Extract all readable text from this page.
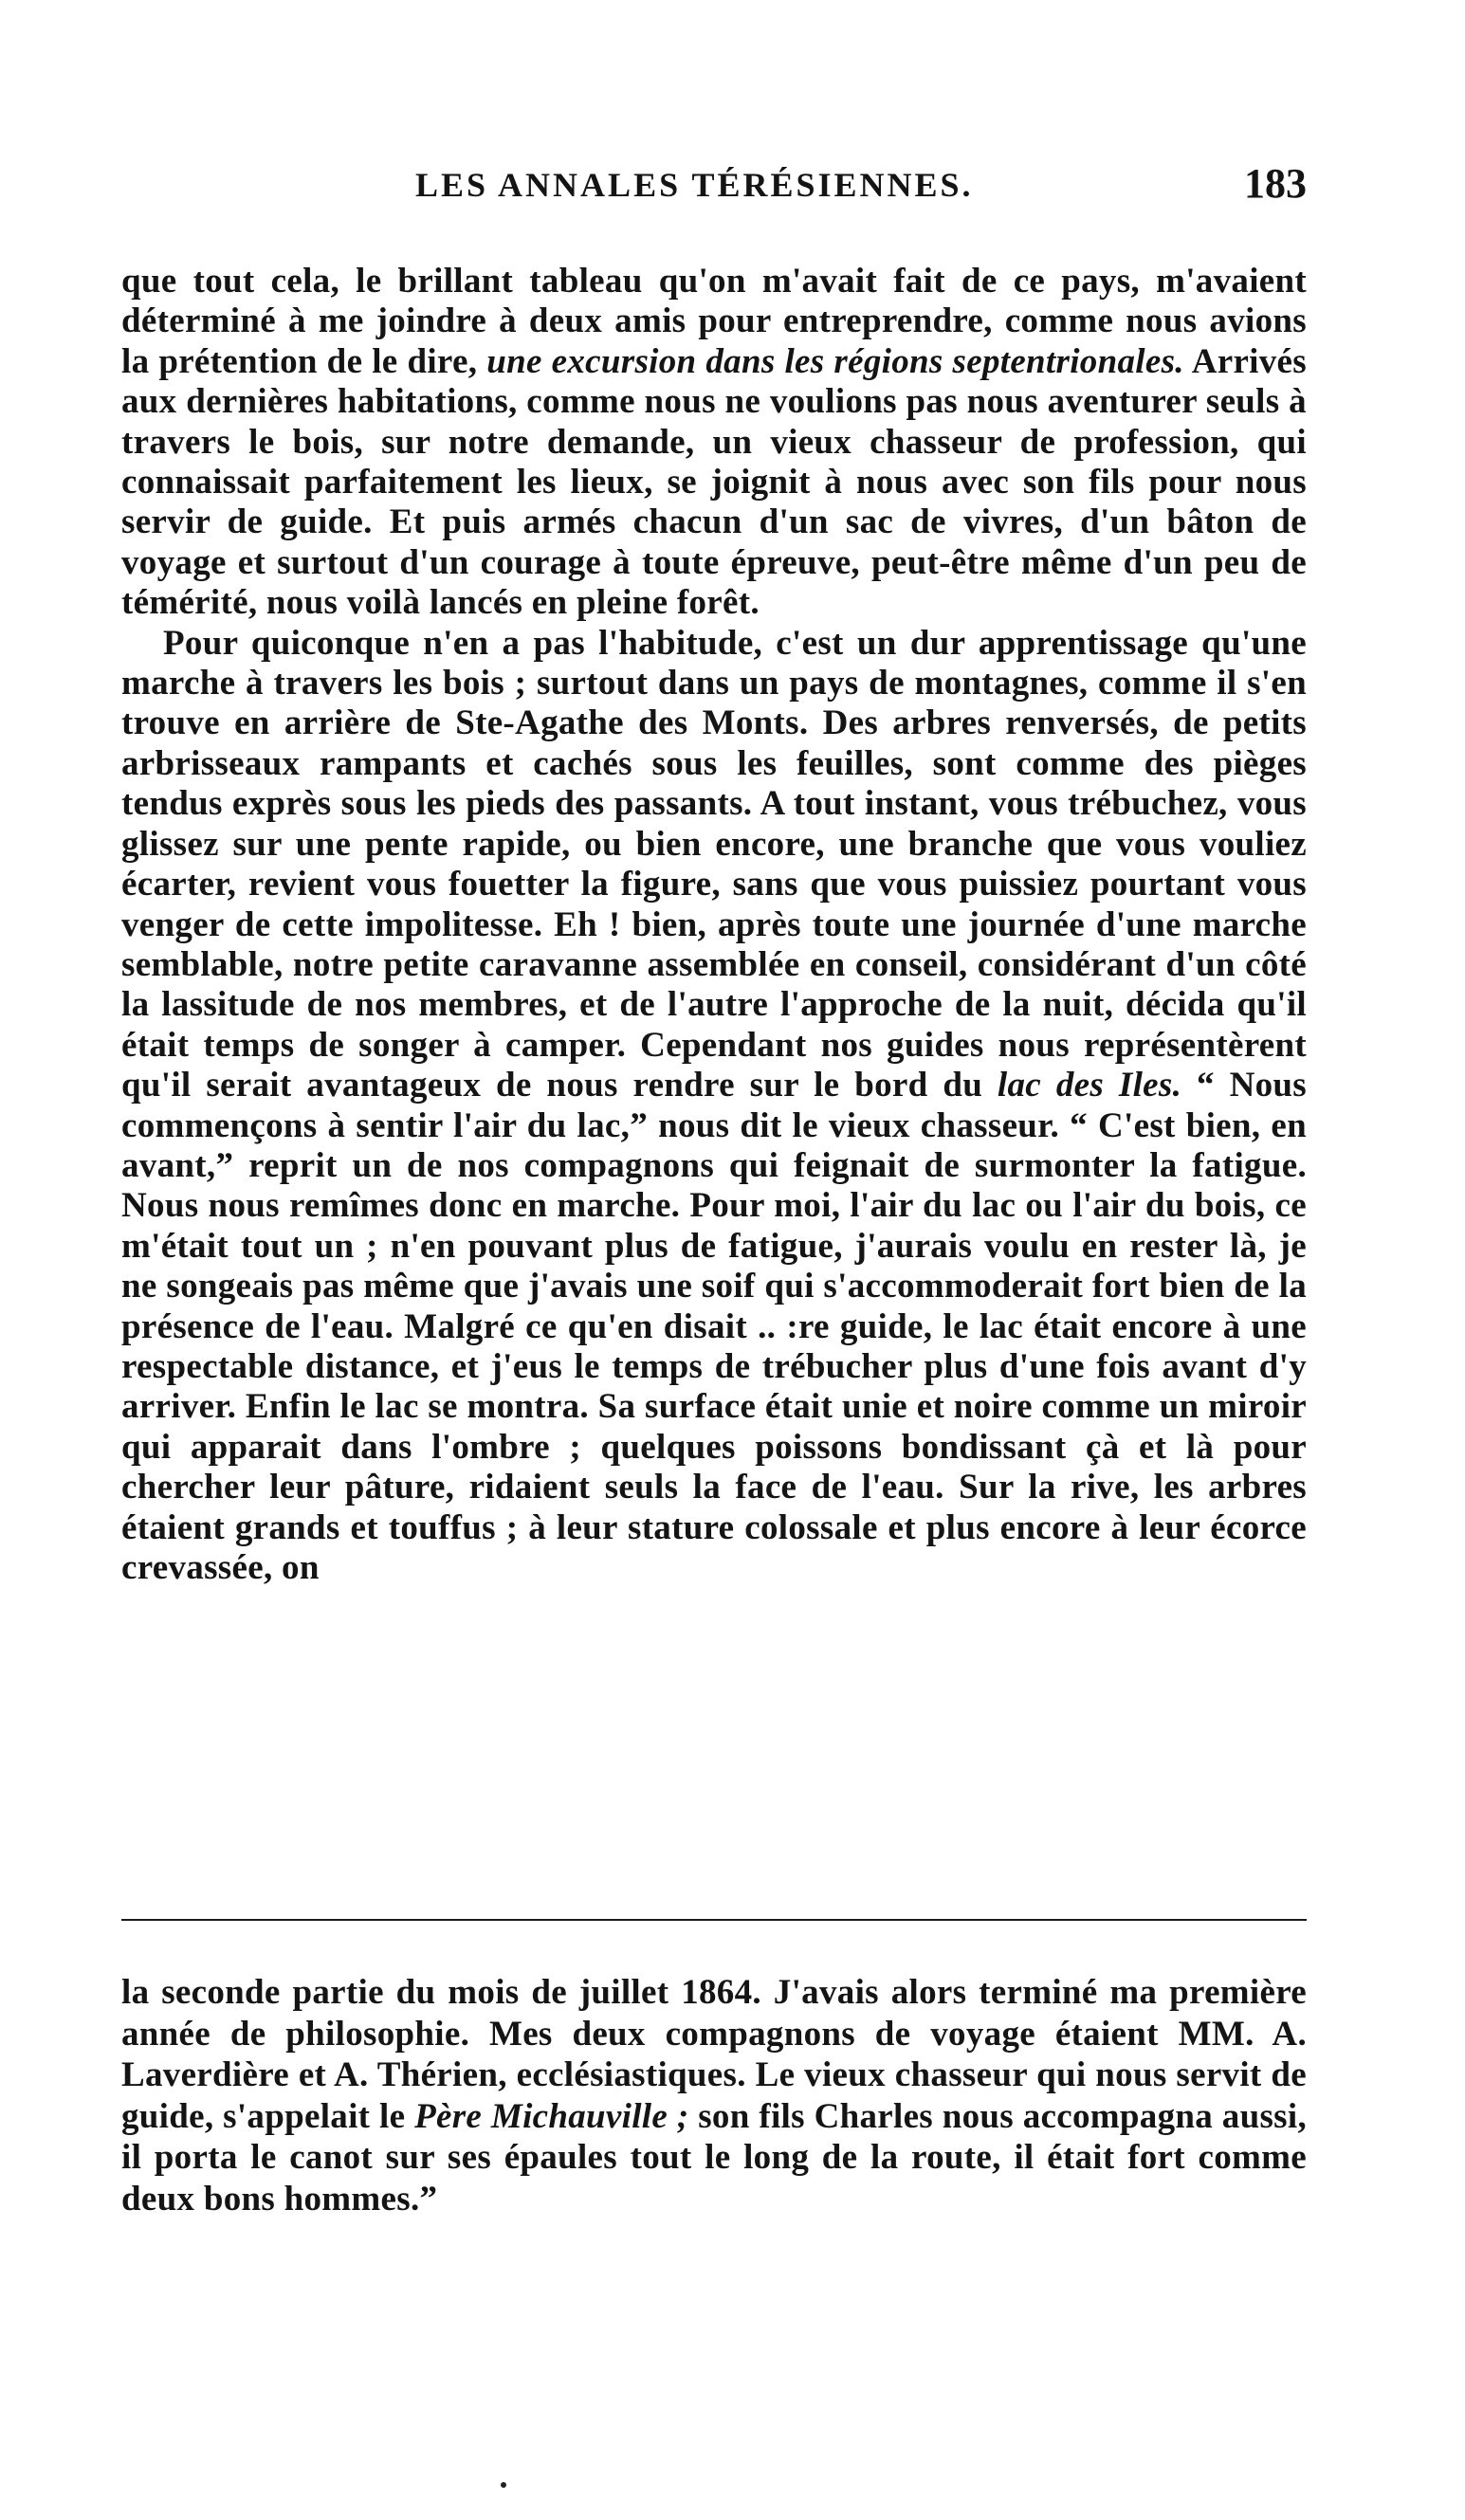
LES ANNALES TÉRÉSIENNES.	183

que tout cela, le brillant tableau qu'on m'avait fait de ce pays, m'avaient déterminé à me joindre à deux amis pour entreprendre, comme nous avions la prétention de le dire, une excursion dans les régions septentrionales. Arrivés aux dernières habitations, comme nous ne voulions pas nous aventurer seuls à travers le bois, sur notre demande, un vieux chasseur de profession, qui connaissait parfaitement les lieux, se joignit à nous avec son fils pour nous servir de guide. Et puis armés chacun d'un sac de vivres, d'un bâton de voyage et surtout d'un courage à toute épreuve, peut-être même d'un peu de témérité, nous voilà lancés en pleine forêt.

Pour quiconque n'en a pas l'habitude, c'est un dur apprentissage qu'une marche à travers les bois ; surtout dans un pays de montagnes, comme il s'en trouve en arrière de Ste-Agathe des Monts. Des arbres renversés, de petits arbrisseaux rampants et cachés sous les feuilles, sont comme des pièges tendus exprès sous les pieds des passants. A tout instant, vous trébuchez, vous glissez sur une pente rapide, ou bien encore, une branche que vous vouliez écarter, revient vous fouetter la figure, sans que vous puissiez pourtant vous venger de cette impolitesse. Eh ! bien, après toute une journée d'une marche semblable, notre petite caravanne assemblée en conseil, considérant d'un côté la lassitude de nos membres, et de l'autre l'approche de la nuit, décida qu'il était temps de songer à camper. Cependant nos guides nous représentèrent qu'il serait avantageux de nous rendre sur le bord du lac des Iles. “ Nous commençons à sentir l'air du lac,” nous dit le vieux chasseur. “ C'est bien, en avant,” reprit un de nos compagnons qui feignait de surmonter la fatigue. Nous nous remîmes donc en marche. Pour moi, l'air du lac ou l'air du bois, ce m'était tout un ; n'en pouvant plus de fatigue, j'aurais voulu en rester là, je ne songeais pas même que j'avais une soif qui s'accommoderait fort bien de la présence de l'eau. Malgré ce qu'en disait .. :re guide, le lac était encore à une respectable distance, et j'eus le temps de trébucher plus d'une fois avant d'y arriver. Enfin le lac se montra. Sa surface était unie et noire comme un miroir qui apparait dans l'ombre ; quelques poissons bondissant çà et là pour chercher leur pâture, ridaient seuls la face de l'eau. Sur la rive, les arbres étaient grands et touffus ; à leur stature colossale et plus encore à leur écorce crevassée, on

la seconde partie du mois de juillet 1864. J'avais alors terminé ma première année de philosophie. Mes deux compagnons de voyage étaient MM. A. Laverdière et A. Thérien, ecclésiastiques. Le vieux chasseur qui nous servit de guide, s'appelait le Père Michauville ; son fils Charles nous accompagna aussi, il porta le canot sur ses épaules tout le long de la route, il était fort comme deux bons hommes.”
